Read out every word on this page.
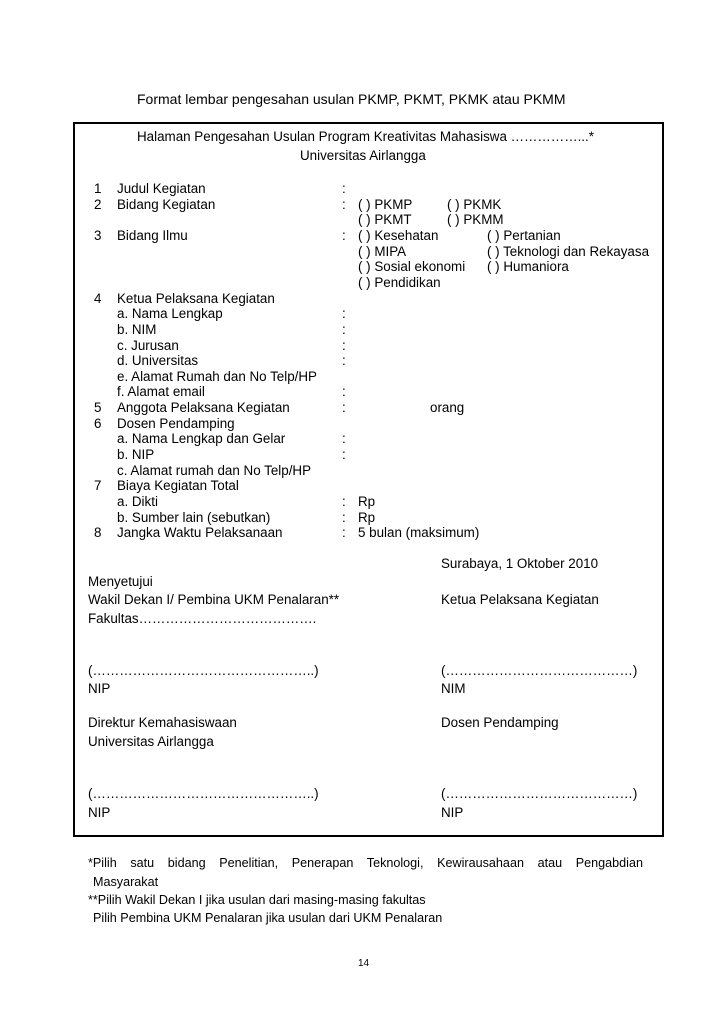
Format lembar pengesahan usulan PKMP, PKMT, PKMK atau PKMM
Halaman Pengesahan Usulan Program Kreativitas Mahasiswa ……………...*
Universitas Airlangga
1 Judul Kegiatan	:
2 Bidang Kegiatan	: ( ) PKMP	( ) PKMK
( ) PKMT	( ) PKMM
3 Bidang Ilmu	: ( ) Kesehatan	( ) Pertanian
( ) MIPA	( ) Teknologi dan Rekayasa
( ) Sosial ekonomi ( ) Humaniora
( ) Pendidikan
4 Ketua Pelaksana Kegiatan
a. Nama Lengkap	:
b. NIM	:
c. Jurusan	:
d. Universitas	:
e. Alamat Rumah dan No Telp/HP
f. Alamat email	:
5 Anggota Pelaksana Kegiatan	:	orang
6 Dosen Pendamping
a. Nama Lengkap dan Gelar	:
b. NIP	:
c. Alamat rumah dan No Telp/HP
7 Biaya Kegiatan Total
a. Dikti	: Rp
b. Sumber lain (sebutkan)	: Rp
8 Jangka Waktu Pelaksanaan	: 5 bulan (maksimum)
Surabaya, 1 Oktober 2010
Menyetujui
Wakil Dekan I/ Pembina UKM Penalaran**	Ketua Pelaksana Kegiatan
Fakultas………………………………….
(…………………………………………..)	(……………………………………)
NIP	NIM
Direktur Kemahasiswaan	Dosen Pendamping
Universitas Airlangga
(…………………………………………..)	(……………………………………)
NIP	NIP
*Pilih satu bidang Penelitian, Penerapan Teknologi, Kewirausahaan atau Pengabdian
Masyarakat
**Pilih Wakil Dekan I jika usulan dari masing-masing fakultas
Pilih Pembina UKM Penalaran jika usulan dari UKM Penalaran
14
